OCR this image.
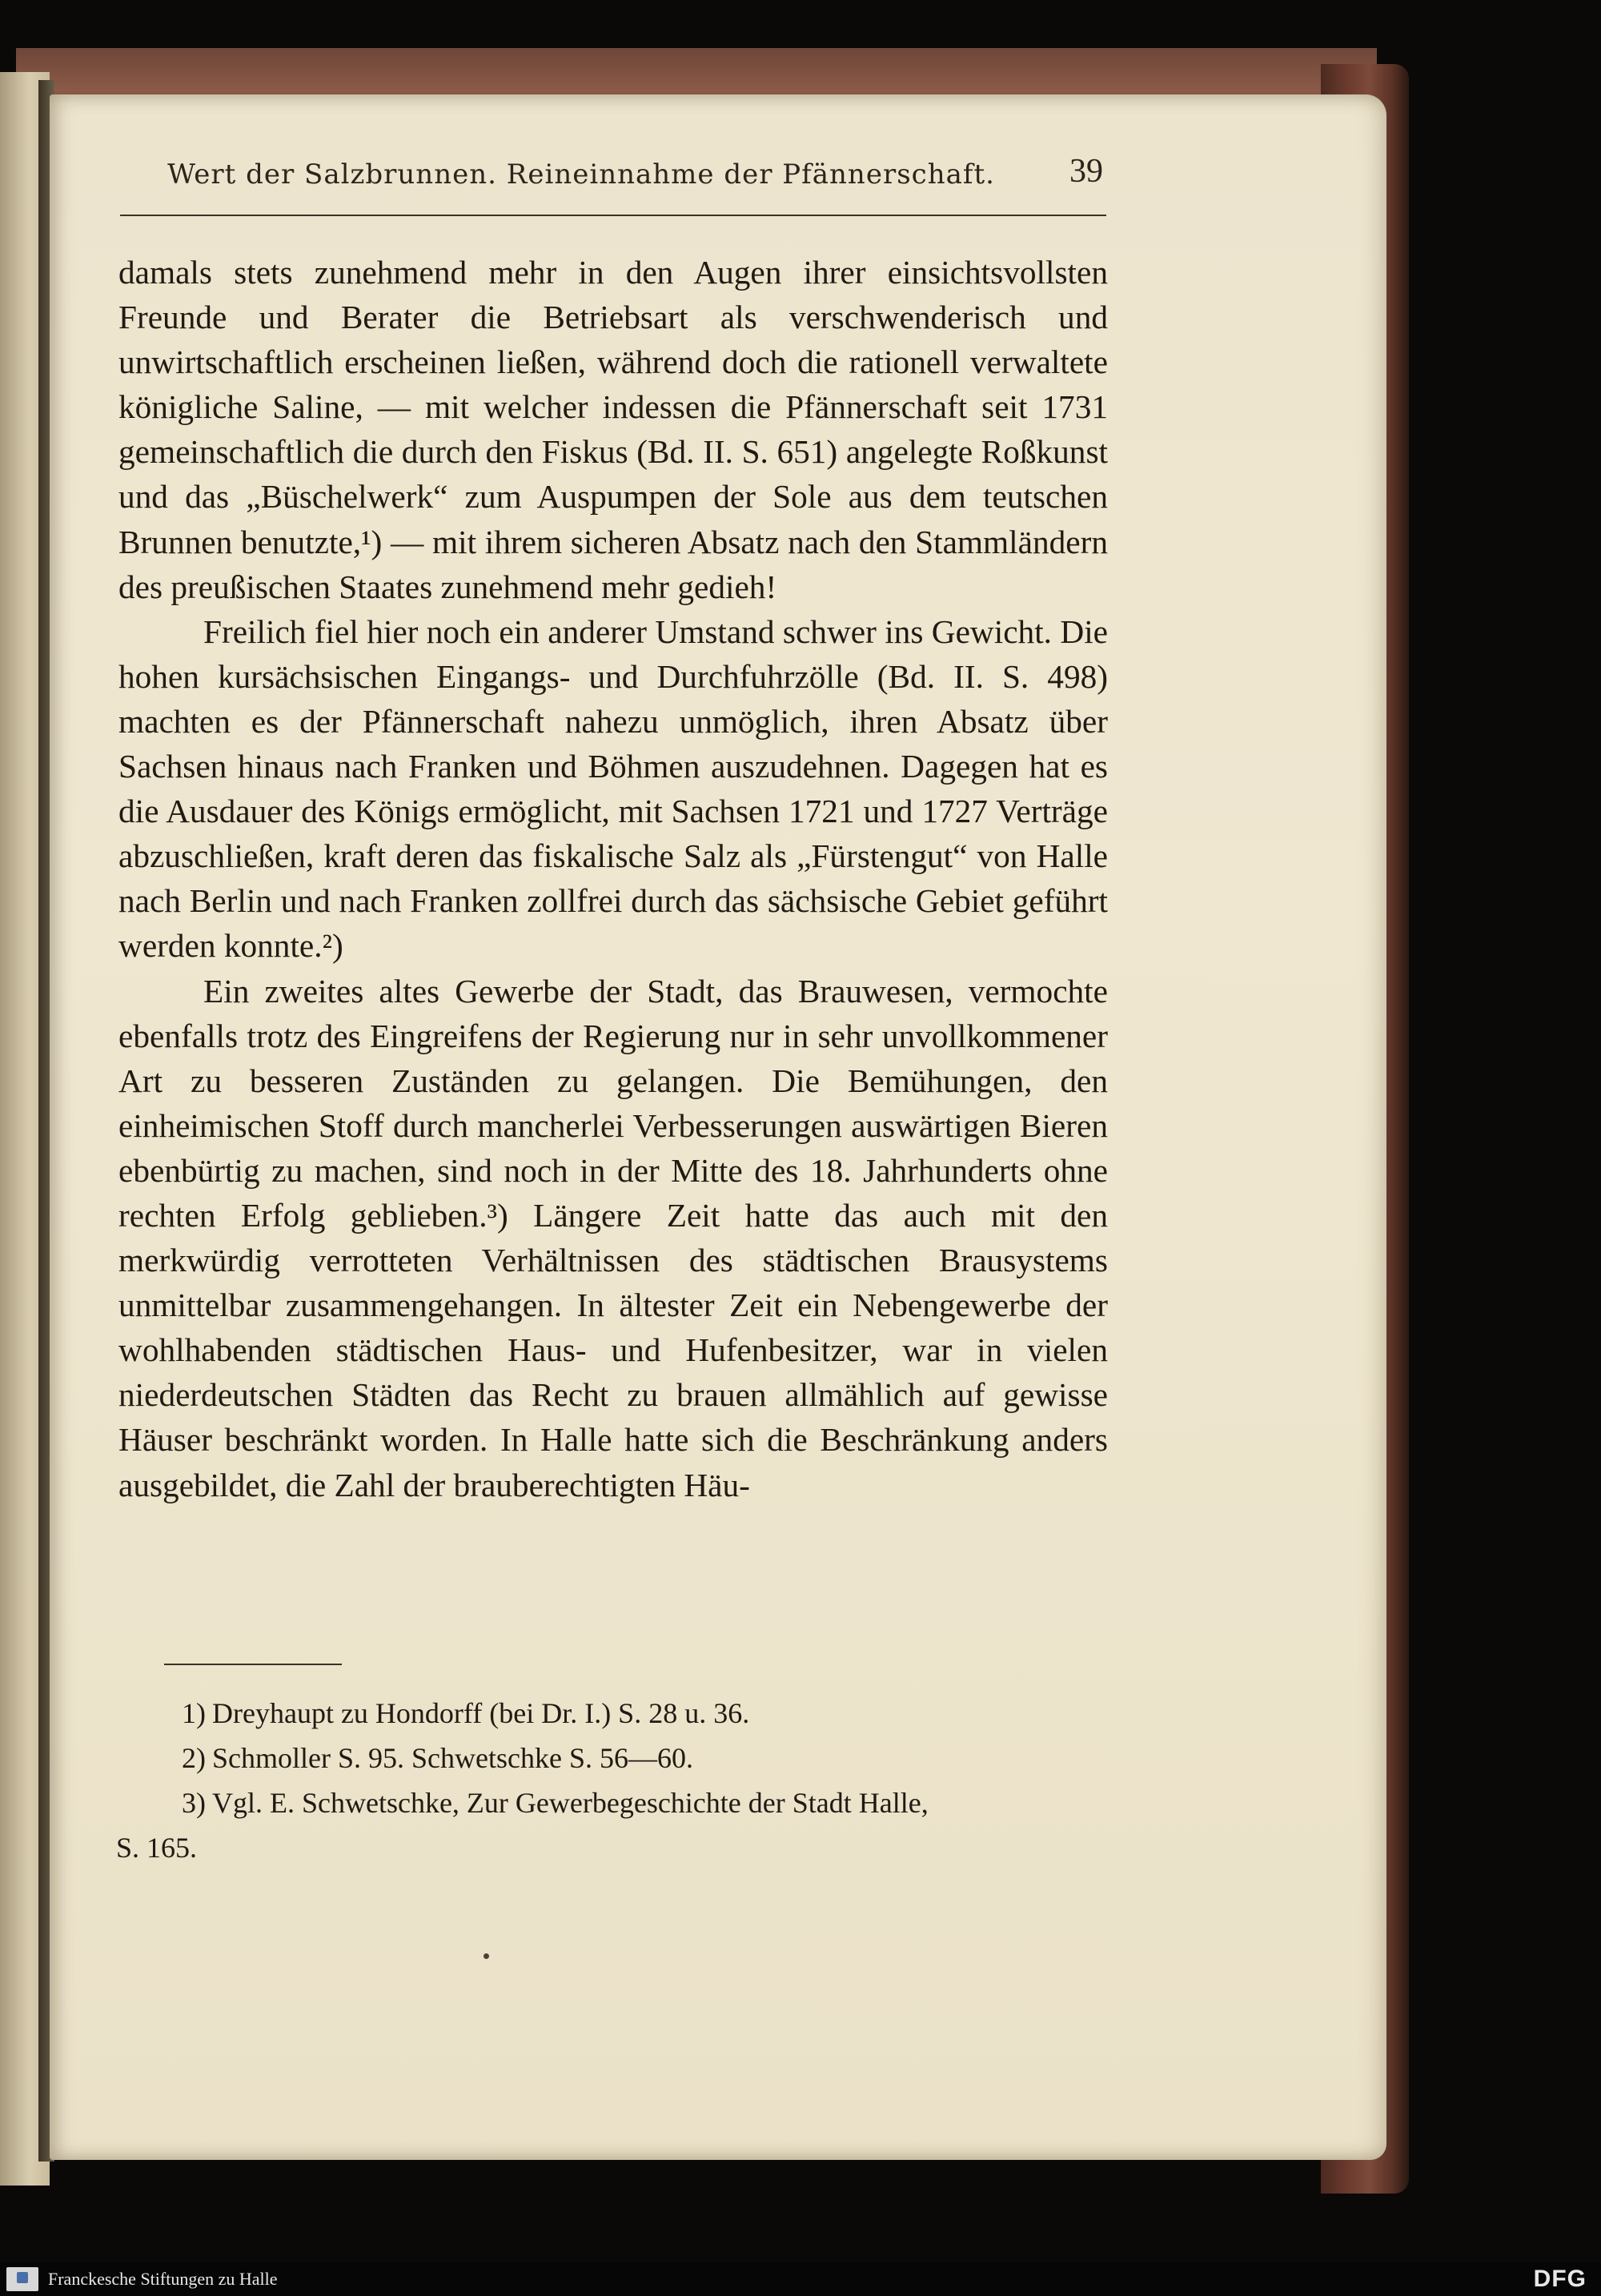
Wert der Salzbrunnen. Reineinnahme der Pfännerschaft.	39

damals stets zunehmend mehr in den Augen ihrer einsichtsvollsten Freunde und Berater die Betriebsart als verschwenderisch und unwirtschaftlich erscheinen ließen, während doch die rationell verwaltete königliche Saline, — mit welcher indessen die Pfännerschaft seit 1731 gemeinschaftlich die durch den Fiskus (Bd. II. S. 651) angelegte Roßkunst und das „Büschelwerk“ zum Auspumpen der Sole aus dem teutschen Brunnen benutzte,¹) — mit ihrem sicheren Absatz nach den Stammländern des preußischen Staates zunehmend mehr gedieh!

Freilich fiel hier noch ein anderer Umstand schwer ins Gewicht. Die hohen kursächsischen Eingangs- und Durchfuhrzölle (Bd. II. S. 498) machten es der Pfännerschaft nahezu unmöglich, ihren Absatz über Sachsen hinaus nach Franken und Böhmen auszudehnen. Dagegen hat es die Ausdauer des Königs ermöglicht, mit Sachsen 1721 und 1727 Verträge abzuschließen, kraft deren das fiskalische Salz als „Fürstengut“ von Halle nach Berlin und nach Franken zollfrei durch das sächsische Gebiet geführt werden konnte.²)

Ein zweites altes Gewerbe der Stadt, das Brauwesen, vermochte ebenfalls trotz des Eingreifens der Regierung nur in sehr unvollkommener Art zu besseren Zuständen zu gelangen. Die Bemühungen, den einheimischen Stoff durch mancherlei Verbesserungen auswärtigen Bieren ebenbürtig zu machen, sind noch in der Mitte des 18. Jahrhunderts ohne rechten Erfolg geblieben.³) Längere Zeit hatte das auch mit den merkwürdig verrotteten Verhältnissen des städtischen Brausystems unmittelbar zusammengehangen. In ältester Zeit ein Nebengewerbe der wohlhabenden städtischen Haus- und Hufenbesitzer, war in vielen niederdeutschen Städten das Recht zu brauen allmählich auf gewisse Häuser beschränkt worden. In Halle hatte sich die Beschränkung anders ausgebildet, die Zahl der brauberechtigten Häu-

1) Dreyhaupt zu Hondorff (bei Dr. I.) S. 28 u. 36.

2) Schmoller S. 95. Schwetschke S. 56—60.

3) Vgl. E. Schwetschke, Zur Gewerbegeschichte der Stadt Halle,
S. 165.

Franckesche Stiftungen zu Halle	DFG
